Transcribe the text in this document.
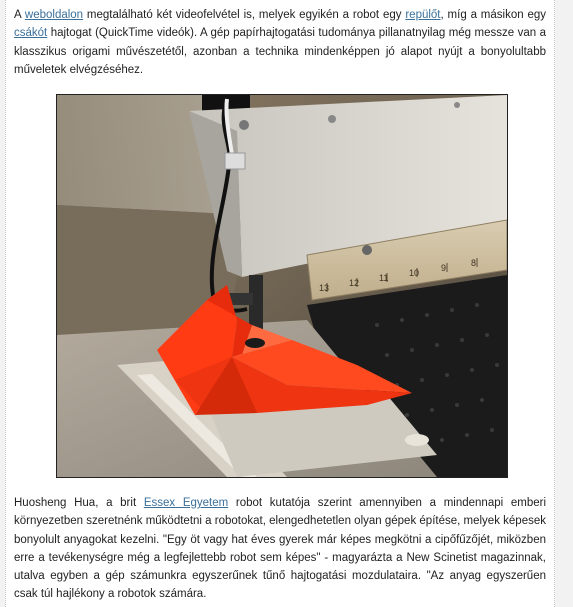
A weboldalon megtalálható két videofelvétel is, melyek egyikén a robot egy repülőt, míg a másikon egy csákót hajtogat (QuickTime videók). A gép papírhajtogatási tudománya pillanatnyilag még messze van a klasszikus origami művészetétől, azonban a technika mindenképpen jó alapot nyújt a bonyolultabb műveletek elvégzéséhez.

13 12 11 10 9	8

Huosheng Hua, a brit Essex Egyetem robot kutatója szerint amennyiben a mindennapi emberi környezetben szeretnénk működtetni a robotokat, elengedhetetlen olyan gépek építése, melyek képesek bonyolult anyagokat kezelni. "Egy öt vagy hat éves gyerek már képes megkötni a cipőfűzőjét, miközben erre a tevékenységre még a legfejlettebb robot sem képes" - magyarázta a New Scinetist magazinnak, utalva egyben a gép számunkra egyszerűnek tűnő hajtogatási mozdulataira. "Az anyag egyszerűen csak túl hajlékony a robotok számára.
